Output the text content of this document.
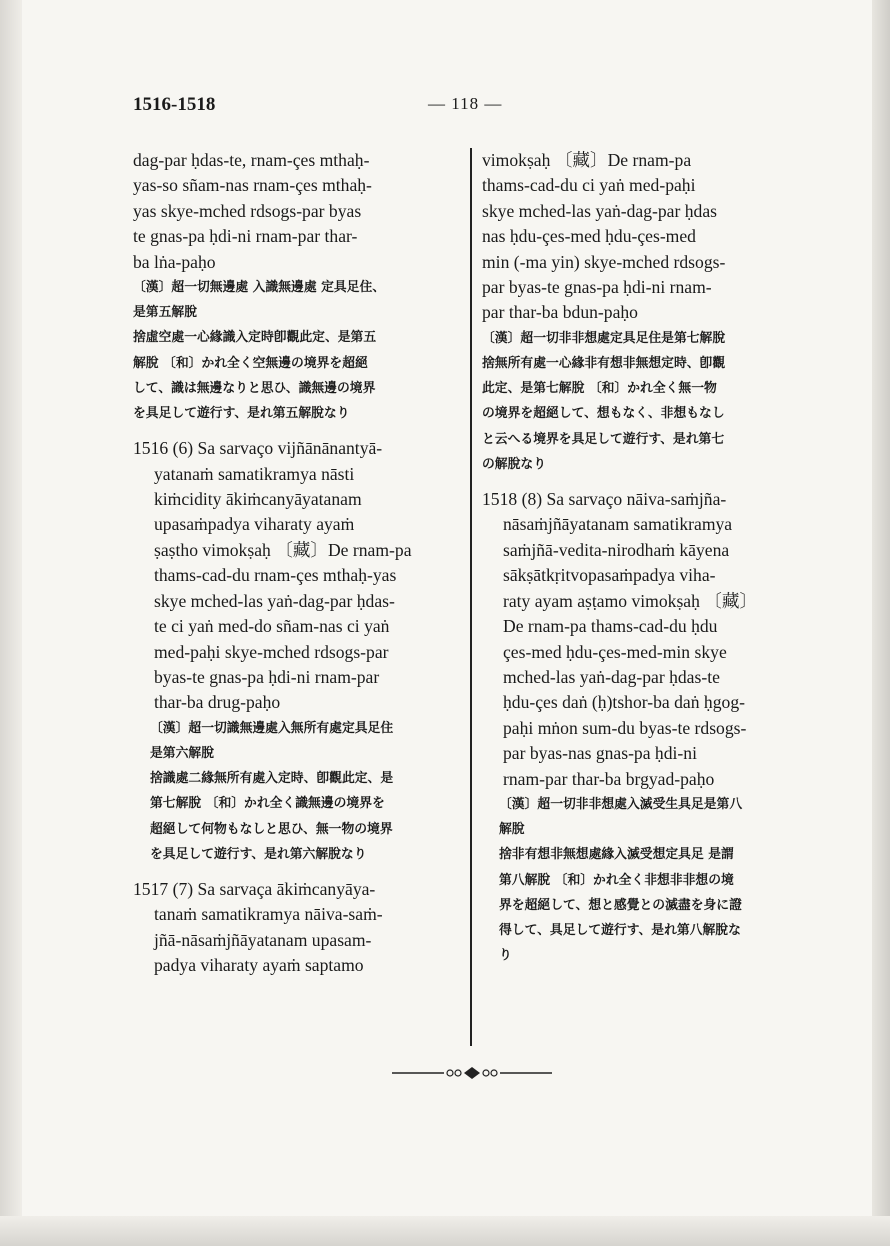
1516-1518	— 118 —
dag-par ḥdas-te, rnam-çes mthaḥ-
yas-so sñam-nas rnam-çes mthaḥ-
yas skye-mched rdsogs-par byas
te gnas-pa ḥdi-ni rnam-par thar-
ba lṅa-paḥo
〔漢〕超一切無邊處 入識無邊處 定具足住、
是第五解脫
捨虛空處一心緣識入定時卽觀此定、是第五
解脫 〔和〕かれ全く空無邊の境界を超絕
して、識は無邊なりと思ひ、識無邊の境界
を具足して遊行す、是れ第五解脫なり
1516 (6) Sa sarvaço vijñānānantyā-
yatanaṁ samatikramya nāsti
kiṁcidity ākiṁcanyāyatanam
upasaṁpadya viharaty ayaṁ
ṣaṣtho vimokṣaḥ 〔藏〕De rnam-pa
thams-cad-du rnam-çes mthaḥ-yas
skye mched-las yaṅ-dag-par ḥdas-
te ci yaṅ med-do sñam-nas ci yaṅ
med-paḥi skye-mched rdsogs-par
byas-te gnas-pa ḥdi-ni rnam-par
thar-ba drug-paḥo
〔漢〕超一切識無邊處入無所有處定具足住
是第六解脫
捨識處二緣無所有處入定時、卽觀此定、是
第七解脫 〔和〕かれ全く識無邊の境界を
超絕して何物もなしと思ひ、無一物の境界
を具足して遊行す、是れ第六解脫なり
1517 (7) Sa sarvaça ākiṁcanyāya-
tanaṁ samatikramya nāiva-saṁ-
jñā-nāsaṁjñāyatanam upasam-
padya viharaty ayaṁ saptamo
vimokṣaḥ 〔藏〕De rnam-pa
thams-cad-du ci yaṅ med-paḥi
skye mched-las yaṅ-dag-par ḥdas
nas ḥdu-çes-med ḥdu-çes-med
min (-ma yin) skye-mched rdsogs-
par byas-te gnas-pa ḥdi-ni rnam-
par thar-ba bdun-paḥo
〔漢〕超一切非非想處定具足住是第七解脫
捨無所有處一心緣非有想非無想定時、卽觀
此定、是第七解脫 〔和〕かれ全く無一物
の境界を超絕して、想もなく、非想もなし
と云へる境界を具足して遊行す、是れ第七
の解脫なり
1518 (8) Sa sarvaço nāiva-saṁjña-
nāsaṁjñāyatanam samatikramya
saṁjñā-vedita-nirodhaṁ kāyena
sākṣātkṛitvopasaṁpadya viha-
raty ayam aṣṭamo vimokṣaḥ 〔藏〕
De rnam-pa thams-cad-du ḥdu
çes-med ḥdu-çes-med-min skye
mched-las yaṅ-dag-par ḥdas-te
ḥdu-çes daṅ (ḥ)tshor-ba daṅ ḥgog-
paḥi mṅon sum-du byas-te rdsogs-
par byas-nas gnas-pa ḥdi-ni
rnam-par thar-ba brgyad-paḥo
〔漢〕超一切非非想處入滅受生具足是第八
解脫
捨非有想非無想處緣入滅受想定具足 是謂
第八解脫 〔和〕かれ全く非想非非想の境
界を超絕して、想と感覺との滅盡を身に證
得して、具足して遊行す、是れ第八解脫な
り
